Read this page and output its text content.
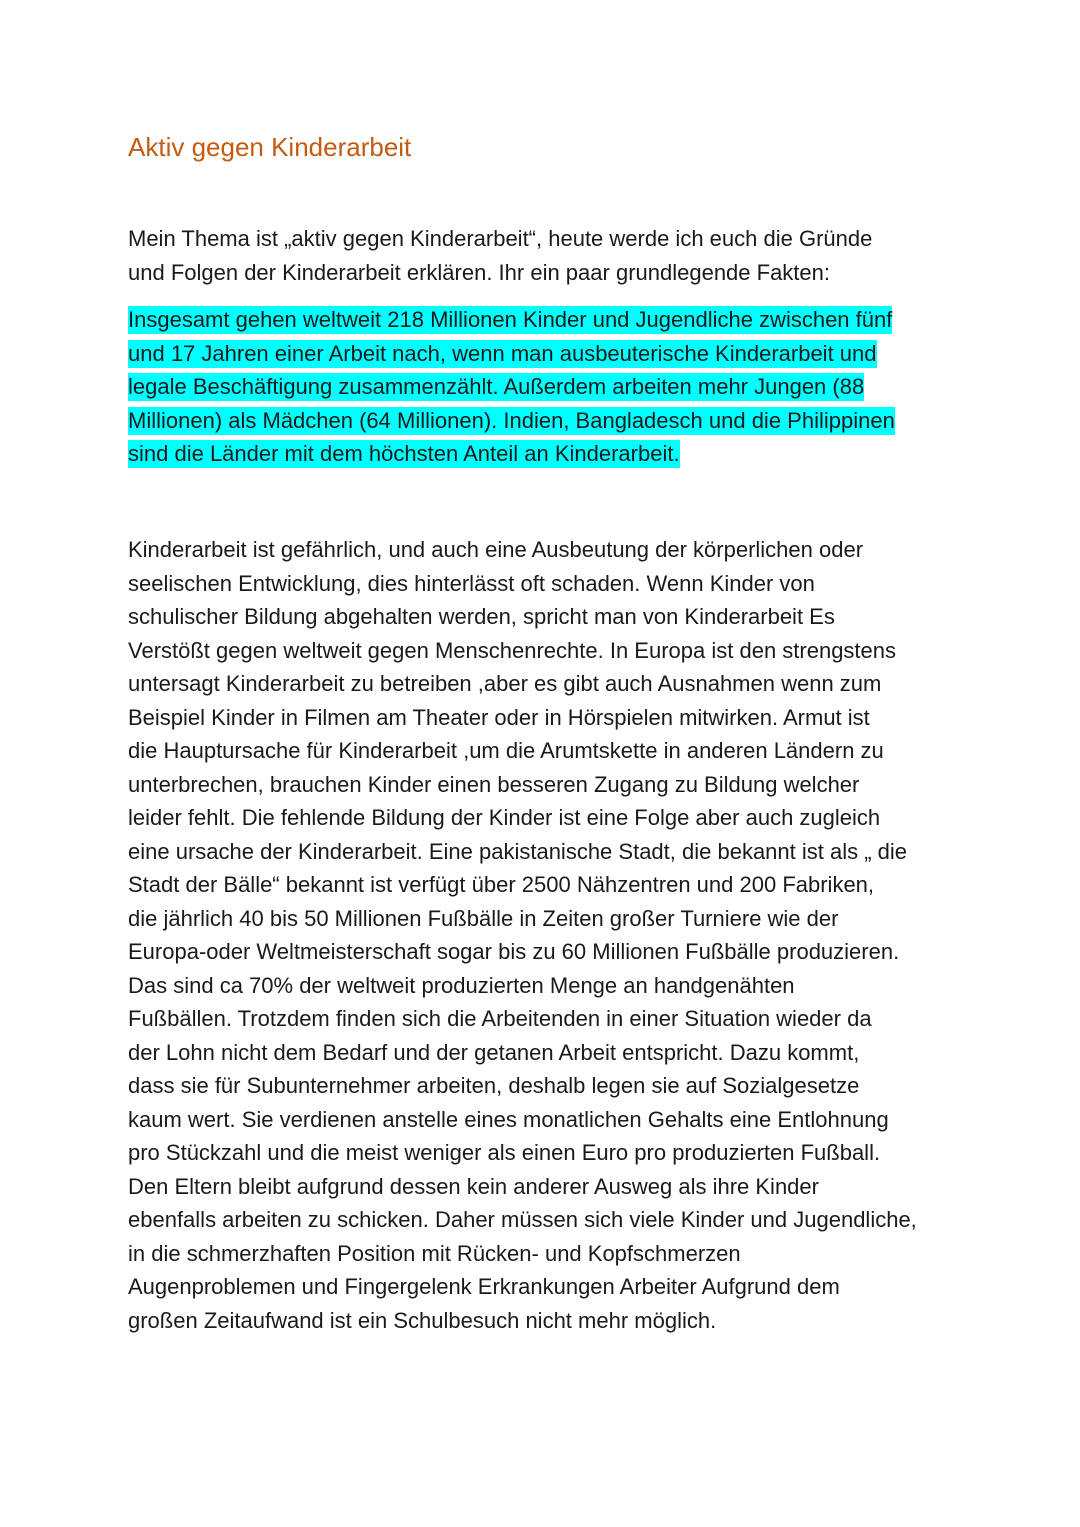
Aktiv gegen Kinderarbeit

Mein Thema ist „aktiv gegen Kinderarbeit“, heute werde ich euch die Gründe
und Folgen der Kinderarbeit erklären. Ihr ein paar grundlegende Fakten:

Insgesamt gehen weltweit 218 Millionen Kinder und Jugendliche zwischen fünf
und 17 Jahren einer Arbeit nach, wenn man ausbeuterische Kinderarbeit und
legale Beschäftigung zusammenzählt. Außerdem arbeiten mehr Jungen (88
Millionen) als Mädchen (64 Millionen). Indien, Bangladesch und die Philippinen
sind die Länder mit dem höchsten Anteil an Kinderarbeit.

Kinderarbeit ist gefährlich, und auch eine Ausbeutung der körperlichen oder
seelischen Entwicklung, dies hinterlässt oft schaden. Wenn Kinder von
schulischer Bildung abgehalten werden, spricht man von Kinderarbeit Es
Verstößt gegen weltweit gegen Menschenrechte. In Europa ist den strengstens
untersagt Kinderarbeit zu betreiben ,aber es gibt auch Ausnahmen wenn zum
Beispiel Kinder in Filmen am Theater oder in Hörspielen mitwirken. Armut ist
die Hauptursache für Kinderarbeit ,um die Arumtskette in anderen Ländern zu
unterbrechen, brauchen Kinder einen besseren Zugang zu Bildung welcher
leider fehlt. Die fehlende Bildung der Kinder ist eine Folge aber auch zugleich
eine ursache der Kinderarbeit. Eine pakistanische Stadt, die bekannt ist als „ die
Stadt der Bälle“ bekannt ist verfügt über 2500 Nähzentren und 200 Fabriken,
die jährlich 40 bis 50 Millionen Fußbälle in Zeiten großer Turniere wie der
Europa-oder Weltmeisterschaft sogar bis zu 60 Millionen Fußbälle produzieren.
Das sind ca 70% der weltweit produzierten Menge an handgenähten
Fußbällen. Trotzdem finden sich die Arbeitenden in einer Situation wieder da
der Lohn nicht dem Bedarf und der getanen Arbeit entspricht. Dazu kommt,
dass sie für Subunternehmer arbeiten, deshalb legen sie auf Sozialgesetze
kaum wert. Sie verdienen anstelle eines monatlichen Gehalts eine Entlohnung
pro Stückzahl und die meist weniger als einen Euro pro produzierten Fußball.
Den Eltern bleibt aufgrund dessen kein anderer Ausweg als ihre Kinder
ebenfalls arbeiten zu schicken. Daher müssen sich viele Kinder und Jugendliche,
in die schmerzhaften Position mit Rücken- und Kopfschmerzen
Augenproblemen und Fingergelenk Erkrankungen Arbeiter Aufgrund dem
großen Zeitaufwand ist ein Schulbesuch nicht mehr möglich.
